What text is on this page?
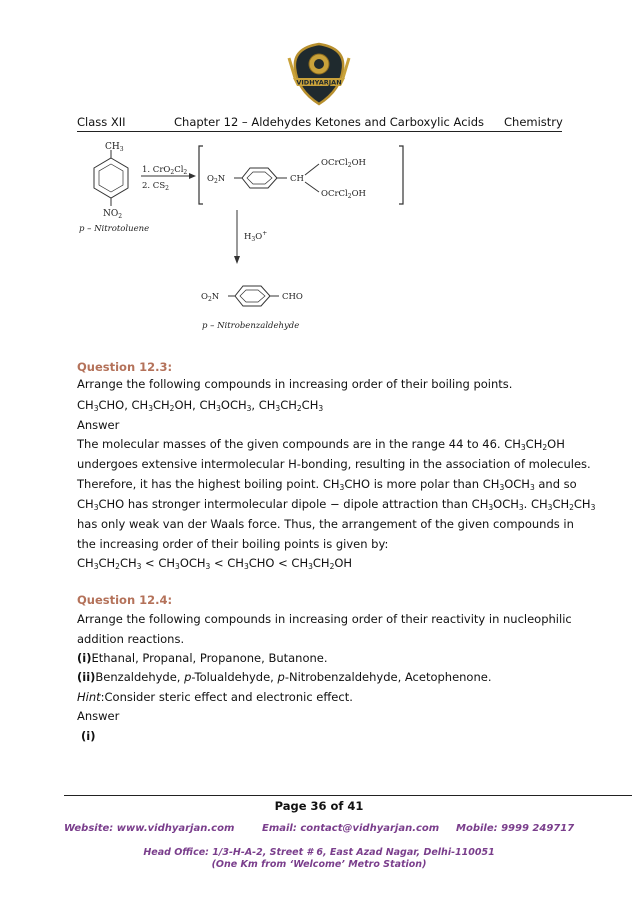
VIDHYARJAN
Class XII	Chapter 12 – Aldehydes Ketones and Carboxylic Acids Chemistry
$CH_3$
$NO_2$
p – Nitrotoluene
1. $CrO_2Cl_2$
2. $CS_2$
$O_2N$	CH
OCrCl$_2$OH
OCrCl$_2$OH
$H_3O^+$
$O_2N$	CHO
p – Nitrobenzaldehyde
Question 12.3:
Arrange the following compounds in increasing order of their boiling points.
$CH_3CHO$, $CH_3CH_2OH$, $CH_3OCH_3$, $CH_3CH_2CH_3$
Answer
The molecular masses of the given compounds are in the range 44 to 46. $CH_3CH_2OH$
undergoes extensive intermolecular H-bonding, resulting in the association of molecules.
Therefore, it has the highest boiling point. $CH_3CHO$ is more polar than $CH_3OCH_3$ and so
$CH_3CHO$ has stronger intermolecular dipole − dipole attraction than $CH_3OCH_3$. $CH_3CH_2CH_3$
has only weak van der Waals force. Thus, the arrangement of the given compounds in
the increasing order of their boiling points is given by:
$CH_3CH_2CH_3 < CH_3OCH_3 < CH_3CHO < CH_3CH_2OH$
Question 12.4:
Arrange the following compounds in increasing order of their reactivity in nucleophilic
addition reactions.
(i)Ethanal, Propanal, Propanone, Butanone.
(ii)Benzaldehyde, p-Tolualdehyde, p-Nitrobenzaldehyde, Acetophenone.
Hint:Consider steric effect and electronic effect.
Answer
(i)
Page 36 of 41
Website: www.vidhyarjan.com	Email: contact@vidhyarjan.com Mobile: 9999 249717
Head Office: 1/3-H-A-2, Street # 6, East Azad Nagar, Delhi-110051
(One Km from ‘Welcome’ Metro Station)
